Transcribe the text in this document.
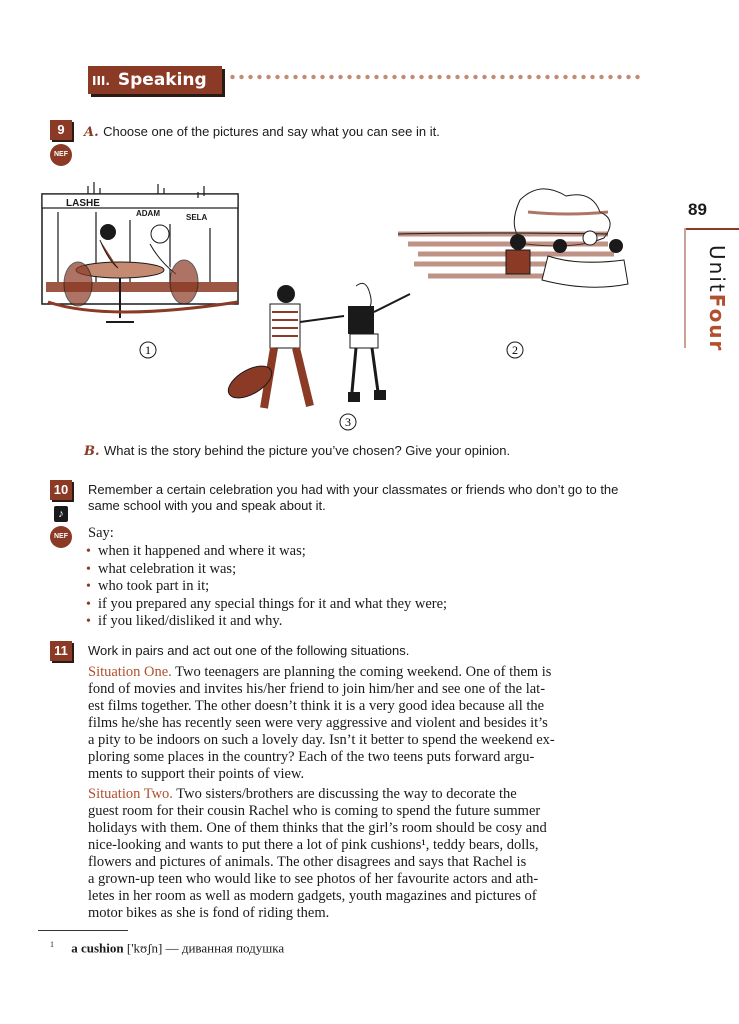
III. Speaking
89
UnitFour
9
NEF
A. Choose one of the pictures and say what you can see in it.
LASHE
ADAM	SELA
1
3
2
B. What is the story behind the picture you’ve chosen? Give your opinion.
10
♪
NEF
Remember a certain celebration you had with your classmates or friends who don’t go to the same school with you and speak about it.
Say:
• when it happened and where it was;
• what celebration it was;
• who took part in it;
• if you prepared any special things for it and what they were;
• if you liked/disliked it and why.
11	Work in pairs and act out one of the following situations.
Situation One. Two teenagers are planning the coming weekend. One of them is
fond of movies and invites his/her friend to join him/her and see one of the lat-
est films together. The other doesn’t think it is a very good idea because all the
films he/she has recently seen were very aggressive and violent and besides it’s
a pity to be indoors on such a lovely day. Isn’t it better to spend the weekend ex-
ploring some places in the country? Each of the two teens puts forward argu-
ments to support their points of view.
Situation Two. Two sisters/brothers are discussing the way to decorate the
guest room for their cousin Rachel who is coming to spend the future summer
holidays with them. One of them thinks that the girl’s room should be cosy and
nice-looking and wants to put there a lot of pink cushions¹, teddy bears, dolls,
flowers and pictures of animals. The other disagrees and says that Rachel is
a grown-up teen who would like to see photos of her favourite actors and ath-
letes in her room as well as modern gadgets, youth magazines and pictures of
motor bikes as she is fond of riding them.
$^1$ a cushion ['kʊʃn] — диванная подушка
